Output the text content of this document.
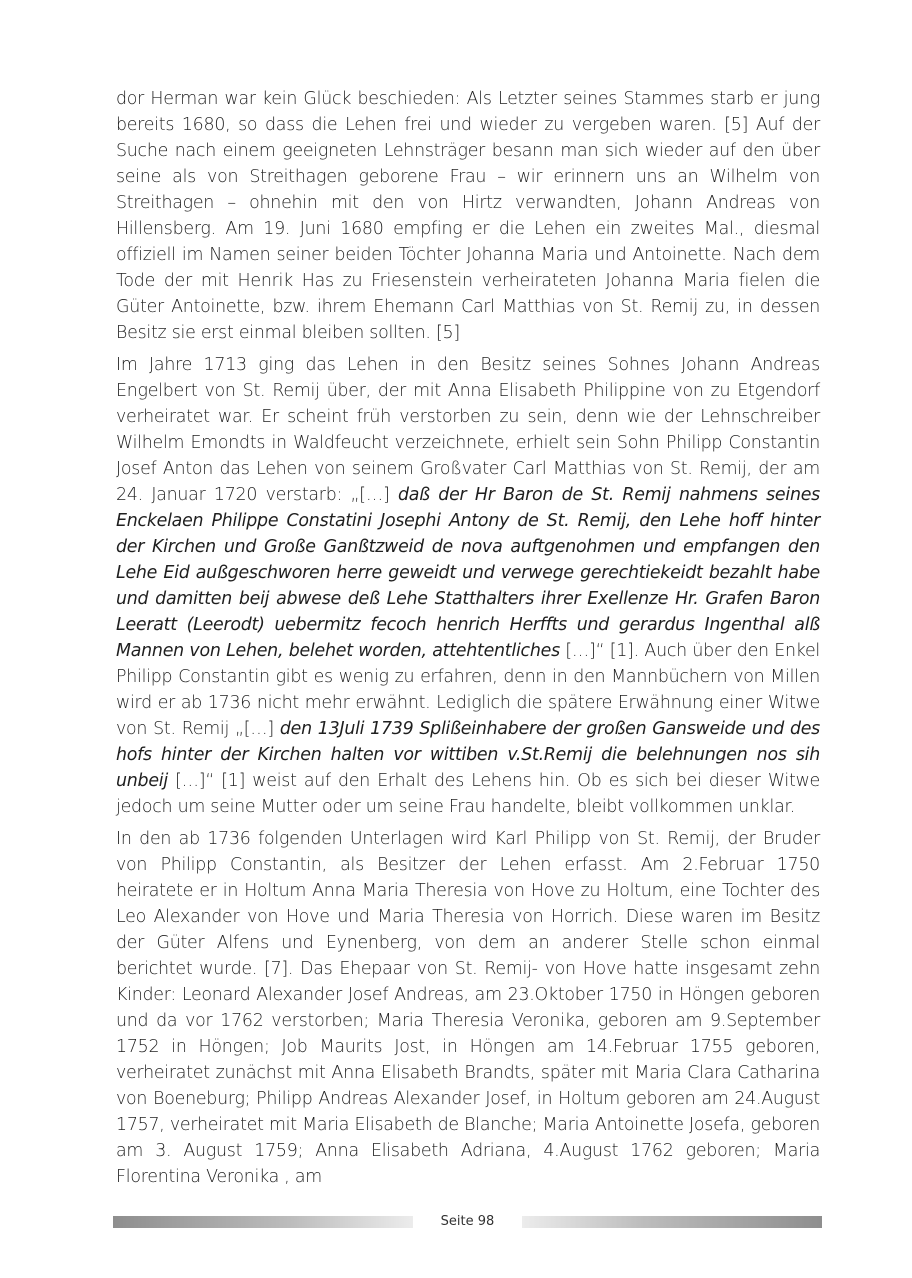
dor Herman war kein Glück beschieden: Als Letzter seines Stammes starb er jung bereits 1680, so dass die Lehen frei und wieder zu vergeben waren. [5] Auf der Suche nach einem geeigneten Lehnsträger besann man sich wieder auf den über seine als von Streithagen geborene Frau – wir erinnern uns an Wilhelm von Streithagen – ohnehin mit den von Hirtz verwandten, Johann Andreas von Hillensberg. Am 19. Juni 1680 empfing er die Lehen ein zweites Mal., diesmal offiziell im Namen seiner beiden Töchter Johanna Maria und Antoinette. Nach dem Tode der mit Henrik Has zu Friesenstein verheirateten Johanna Maria fielen die Güter Antoinette, bzw. ihrem Ehemann Carl Matthias von St. Remij zu, in dessen Besitz sie erst einmal bleiben sollten. [5]

Im Jahre 1713 ging das Lehen in den Besitz seines Sohnes Johann Andreas Engelbert von St. Remij über, der mit Anna Elisabeth Philippine von zu Etgendorf verheiratet war. Er scheint früh verstorben zu sein, denn wie der Lehnschreiber Wilhelm Emondts in Waldfeucht verzeichnete, erhielt sein Sohn Philipp Constantin Josef Anton das Lehen von seinem Großvater Carl Matthias von St. Remij, der am 24. Januar 1720 verstarb: „[…] daß der Hr Baron de St. Remij nahmens seines Enckelaen Philippe Constatini Josephi Antony de St. Remij, den Lehe hoff hinter der Kirchen und Große Ganßtzweid de nova auftgenohmen und empfangen den Lehe Eid außgeschworen herre geweidt und verwege gerechtiekeidt bezahlt habe und damitten beij abwese deß Lehe Statthalters ihrer Exellenze Hr. Grafen Baron Leeratt (Leerodt) uebermitz fecoch henrich Herffts und gerardus Ingenthal alß Mannen von Lehen, belehet worden, attehtentliches […]“ [1]. Auch über den Enkel Philipp Constantin gibt es wenig zu erfahren, denn in den Mannbüchern von Millen wird er ab 1736 nicht mehr erwähnt. Lediglich die spätere Erwähnung einer Witwe von St. Remij „[…] den 13Juli 1739 Splißeinhabere der großen Gansweide und des hofs hinter der Kirchen halten vor wittiben v.St.Remij die belehnungen nos sih unbeij […]“ [1] weist auf den Erhalt des Lehens hin. Ob es sich bei dieser Witwe jedoch um seine Mutter oder um seine Frau handelte, bleibt vollkommen unklar.

In den ab 1736 folgenden Unterlagen wird Karl Philipp von St. Remij, der Bruder von Philipp Constantin, als Besitzer der Lehen erfasst. Am 2.Februar 1750 heiratete er in Holtum Anna Maria Theresia von Hove zu Holtum, eine Tochter des Leo Alexander von Hove und Maria Theresia von Horrich. Diese waren im Besitz der Güter Alfens und Eynenberg, von dem an anderer Stelle schon einmal berichtet wurde. [7]. Das Ehepaar von St. Remij- von Hove hatte insgesamt zehn Kinder: Leonard Alexander Josef Andreas, am 23.Oktober 1750 in Höngen geboren und da vor 1762 verstorben; Maria Theresia Veronika, geboren am 9.September 1752 in Höngen; Job Maurits Jost, in Höngen am 14.Februar 1755 geboren, verheiratet zunächst mit Anna Elisabeth Brandts, später mit Maria Clara Catharina von Boeneburg; Philipp Andreas Alexander Josef, in Holtum geboren am 24.August 1757, verheiratet mit Maria Elisabeth de Blanche; Maria Antoinette Josefa, geboren am 3. August 1759; Anna Elisabeth Adriana, 4.August 1762 geboren; Maria Florentina Veronika , am

Seite 98
